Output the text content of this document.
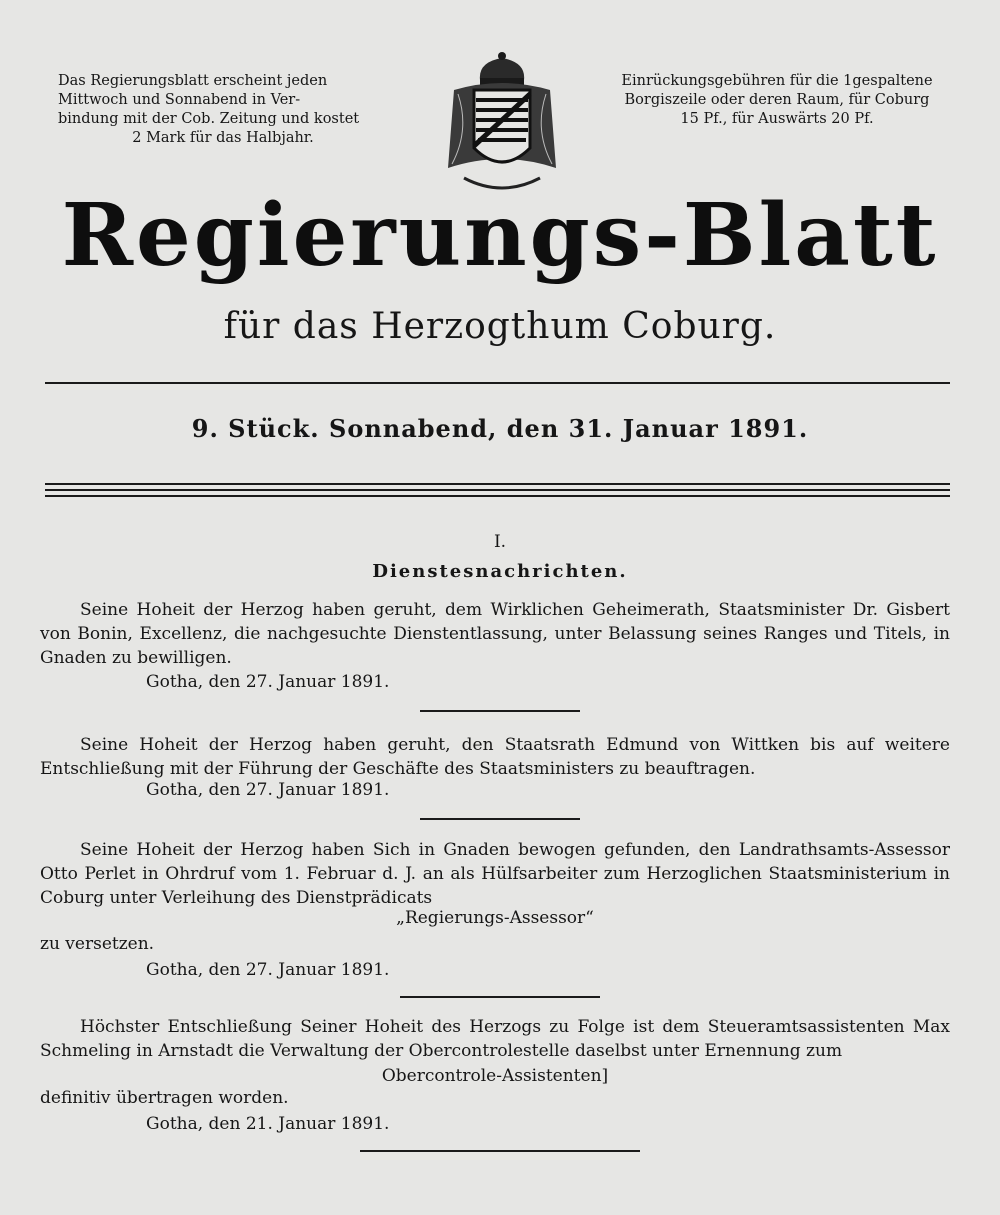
Das Regierungsblatt erscheint jeden
Mittwoch und Sonnabend in Ver-
bindung mit der Cob. Zeitung und kostet
2 Mark für das Halbjahr.
Einrückungsgebühren für die 1gespaltene
Borgiszeile oder deren Raum, für Coburg
15 Pf., für Auswärts 20 Pf.
Regierungs-Blatt
für das Herzogthum Coburg.
9. Stück. Sonnabend, den 31. Januar 1891.
I.
Dienstesnachrichten.
Seine Hoheit der Herzog haben geruht, dem Wirklichen Geheimerath, Staatsminister Dr. Gisbert von Bonin, Excellenz, die nachgesuchte Dienstentlassung, unter Belassung seines Ranges und Titels, in Gnaden zu bewilligen.
Gotha, den 27. Januar 1891.
Seine Hoheit der Herzog haben geruht, den Staatsrath Edmund von Wittken bis auf weitere Entschließung mit der Führung der Geschäfte des Staatsministers zu beauftragen.
Gotha, den 27. Januar 1891.
Seine Hoheit der Herzog haben Sich in Gnaden bewogen gefunden, den Landrathsamts-Assessor Otto Perlet in Ohrdruf vom 1. Februar d. J. an als Hülfsarbeiter zum Herzoglichen Staatsministerium in Coburg unter Verleihung des Dienstprädicats
„Regierungs-Assessor“
zu versetzen.
Gotha, den 27. Januar 1891.
Höchster Entschließung Seiner Hoheit des Herzogs zu Folge ist dem Steueramtsassistenten Max Schmeling in Arnstadt die Verwaltung der Obercontrolestelle daselbst unter Ernennung zum
Obercontrole-Assistenten]
definitiv übertragen worden.
Gotha, den 21. Januar 1891.
